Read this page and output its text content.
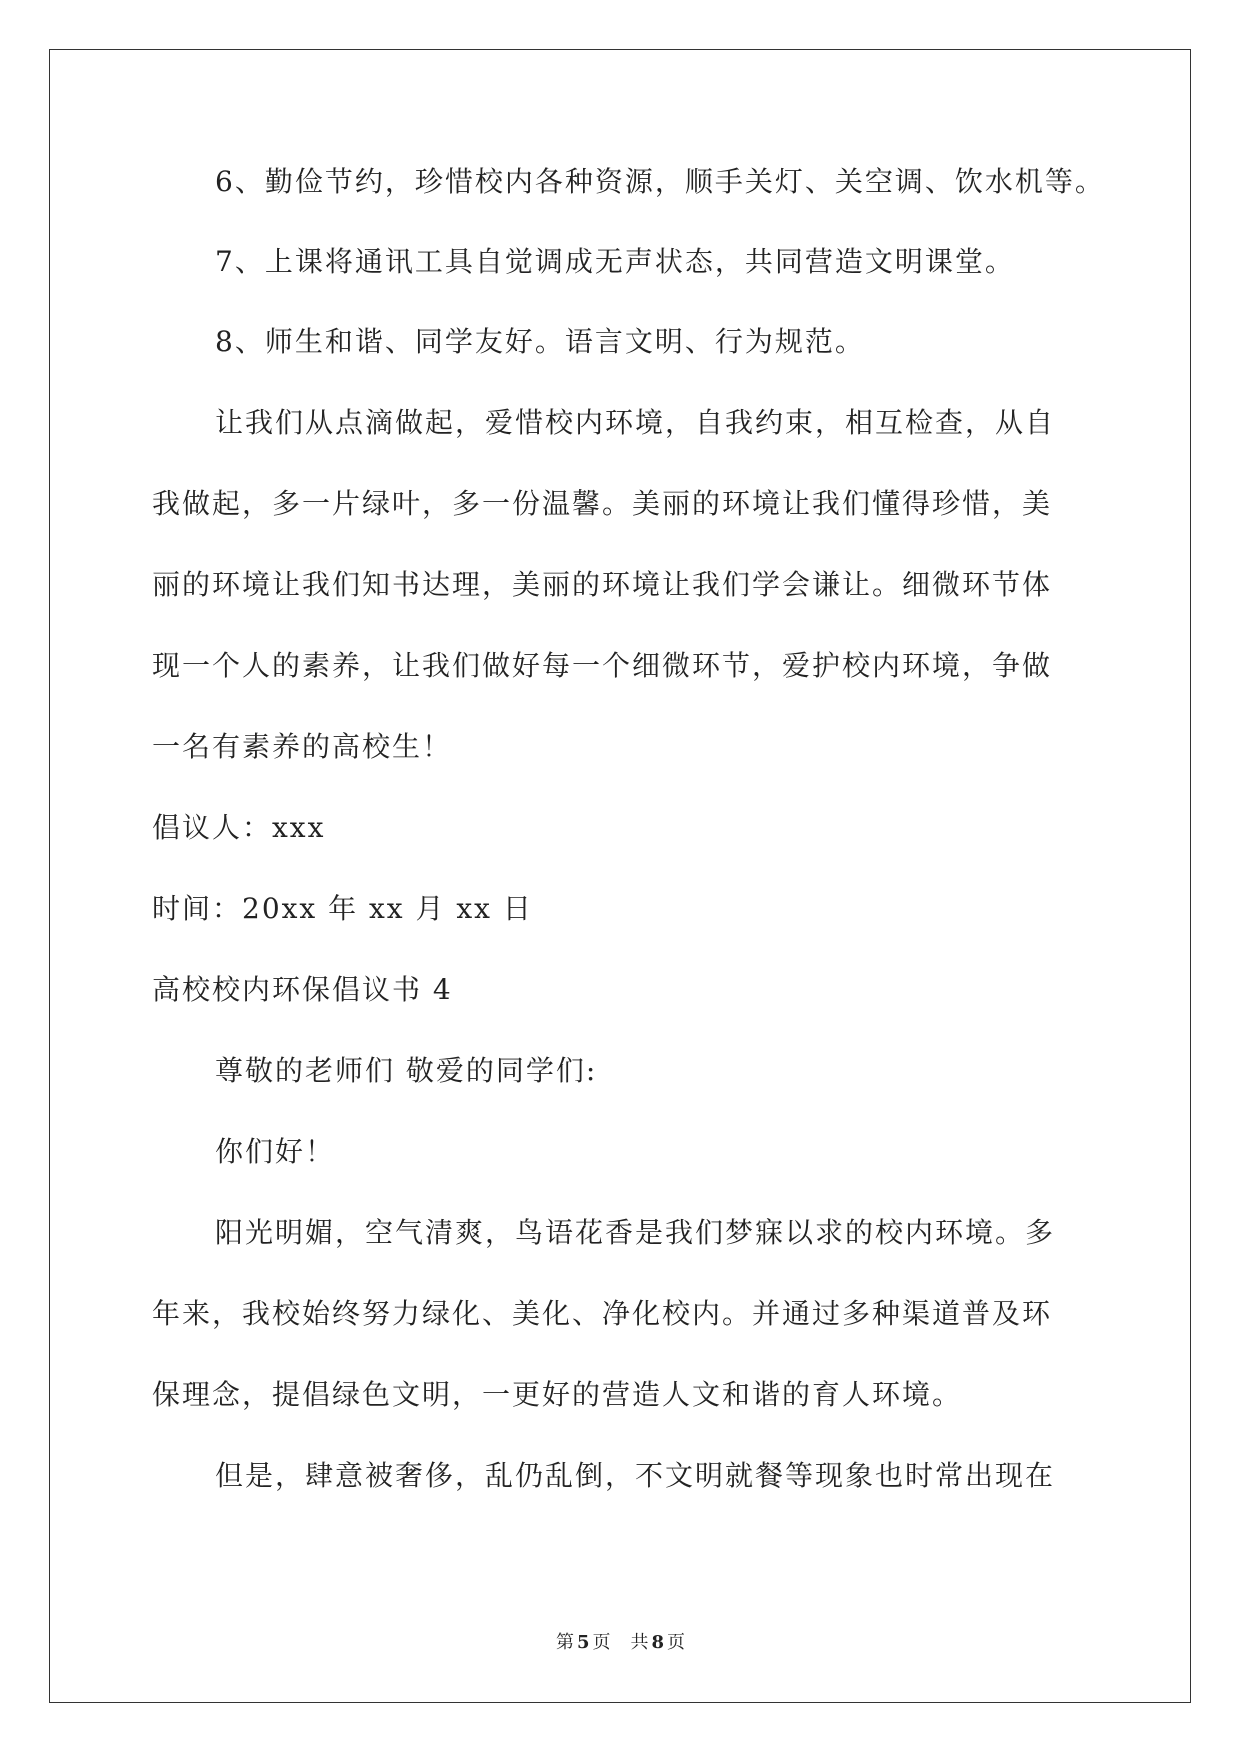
6、勤俭节约，珍惜校内各种资源，顺手关灯、关空调、饮水机等。
7、上课将通讯工具自觉调成无声状态，共同营造文明课堂。
8、师生和谐、同学友好。语言文明、行为规范。
让我们从点滴做起，爱惜校内环境，自我约束，相互检查，从自
我做起，多一片绿叶，多一份温馨。美丽的环境让我们懂得珍惜，美
丽的环境让我们知书达理，美丽的环境让我们学会谦让。细微环节体
现一个人的素养，让我们做好每一个细微环节，爱护校内环境，争做
一名有素养的高校生！
倡议人：xxx
时间：20xx 年 xx 月 xx 日
高校校内环保倡议书 4
尊敬的老师们 敬爱的同学们:
你们好！
阳光明媚，空气清爽，鸟语花香是我们梦寐以求的校内环境。多
年来，我校始终努力绿化、美化、净化校内。并通过多种渠道普及环
保理念，提倡绿色文明，一更好的营造人文和谐的育人环境。
但是，肆意被奢侈，乱仍乱倒，不文明就餐等现象也时常出现在
第 5 页 共 8 页
